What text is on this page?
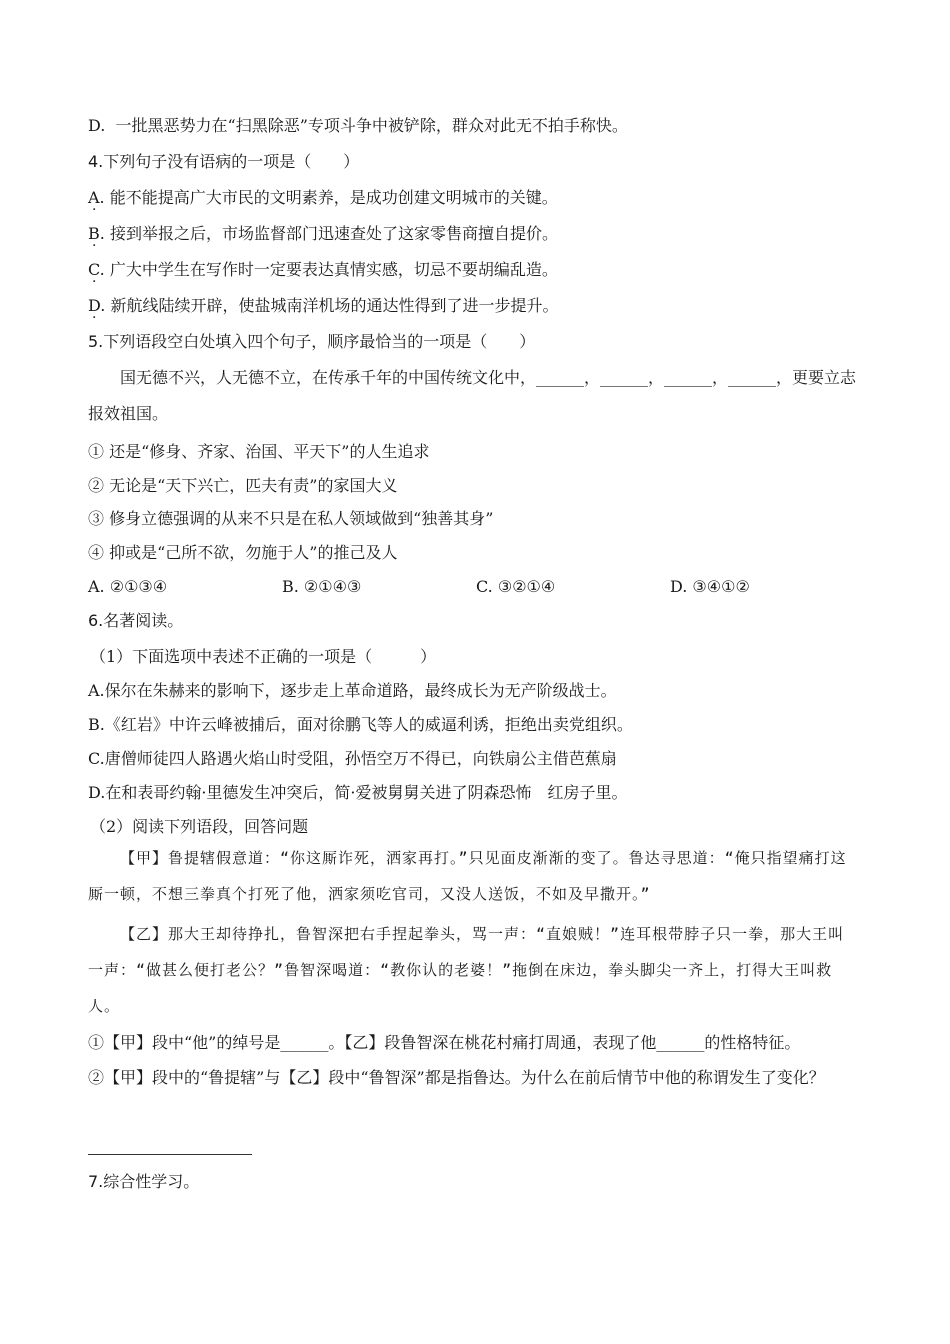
D.  一批黑恶势力在“扫黑除恶”专项斗争中被铲除，群众对此无不拍手称快。
4.下列句子没有语病的一项是（　　）
A. . 能不能提高广大市民的文明素养，是成功创建文明城市的关键。
B. . 接到举报之后，市场监督部门迅速查处了这家零售商擅自提价。
C. . 广大中学生在写作时一定要表达真情实感，切忌不要胡编乱造。
D. . 新航线陆续开辟，使盐城南洋机场的通达性得到了进一步提升。
5.下列语段空白处填入四个句子，顺序最恰当的一项是（　　）

国无德不兴，人无德不立，在传承千年的中国传统文化中，______，______，______，______，更要立志报效祖国。

① 还是“修身、齐家、治国、平天下”的人生追求
② 无论是“天下兴亡，匹夫有责”的家国大义
③ 修身立德强调的从来不只是在私人领域做到“独善其身”
④ 抑或是“己所不欲，勿施于人”的推己及人
A. ②①③④	B. ②①④③	C. ③②①④	D. ③④①②
6.名著阅读。
（1）下面选项中表述不正确的一项是（　　　）
A.保尔在朱赫来的影响下，逐步走上革命道路，最终成长为无产阶级战士。
B.《红岩》中许云峰被捕后，面对徐鹏飞等人的威逼利诱，拒绝出卖党组织。
C.唐僧师徒四人路遇火焰山时受阻，孙悟空万不得已，向铁扇公主借芭蕉扇
D.在和表哥约翰·里德发生冲突后，简·爱被舅舅关进了阴森恐怖　红房子里。
（2）阅读下列语段，回答问题

【甲】鲁提辖假意道：“你这厮诈死，洒家再打。”只见面皮渐渐的变了。鲁达寻思道：“俺只指望痛打这厮一顿，不想三拳真个打死了他，洒家须吃官司，又没人送饭，不如及早撒开。”

【乙】那大王却待挣扎，鲁智深把右手捏起拳头，骂一声：“直娘贼！”连耳根带脖子只一拳，那大王叫一声：“做甚么便打老公？”鲁智深喝道：“教你认的老婆！”拖倒在床边，拳头脚尖一齐上，打得大王叫救人。

①【甲】段中“他”的绰号是______。【乙】段鲁智深在桃花村痛打周通，表现了他______的性格特征。

②【甲】段中的“鲁提辖”与【乙】段中“鲁智深”都是指鲁达。为什么在前后情节中他的称谓发生了变化？

7.综合性学习。
